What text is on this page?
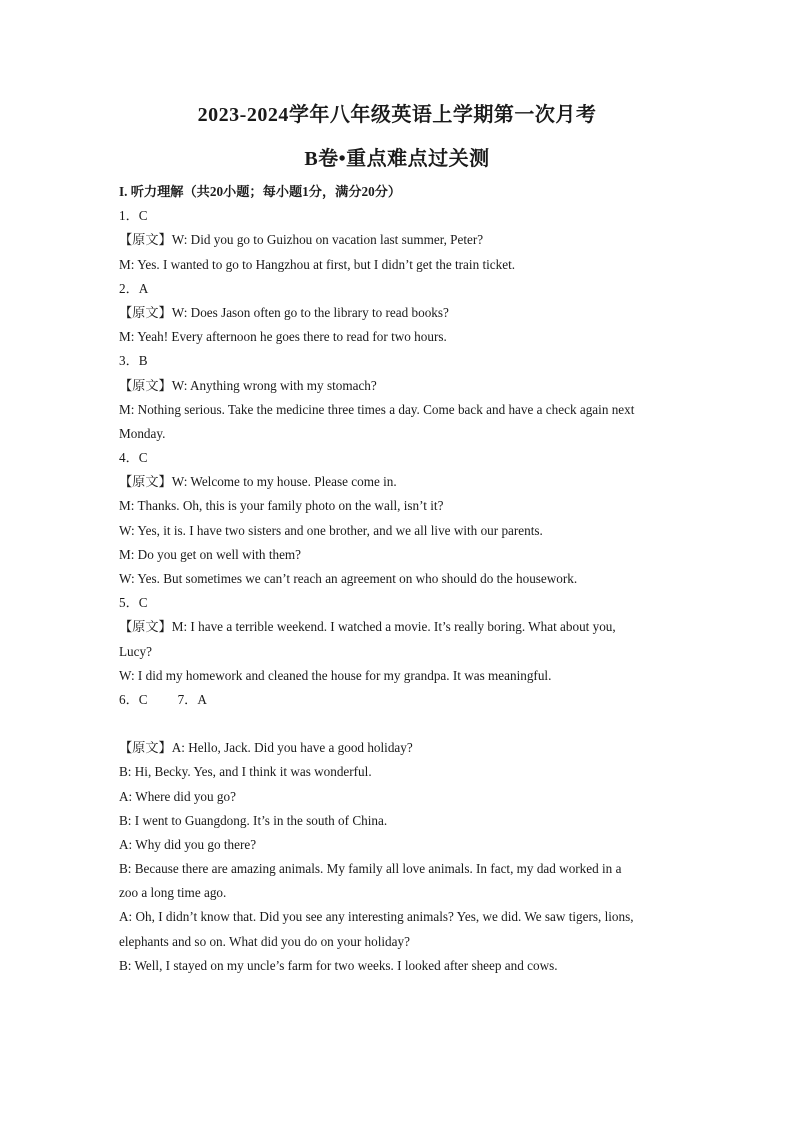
2023-2024学年八年级英语上学期第一次月考
B卷•重点难点过关测
I. 听力理解（共20小题；每小题1分，满分20分）
1．C
【原文】W: Did you go to Guizhou on vacation last summer, Peter?
M: Yes. I wanted to go to Hangzhou at first, but I didn’t get the train ticket.
2．A
【原文】W: Does Jason often go to the library to read books?
M: Yeah! Every afternoon he goes there to read for two hours.
3．B
【原文】W: Anything wrong with my stomach?
M: Nothing serious. Take the medicine three times a day. Come back and have a check again next
Monday.
4．C
【原文】W: Welcome to my house. Please come in.
M: Thanks. Oh, this is your family photo on the wall, isn’t it?
W: Yes, it is. I have two sisters and one brother, and we all live with our parents.
M: Do you get on well with them?
W: Yes. But sometimes we can’t reach an agreement on who should do the housework.
5．C
【原文】M: I have a terrible weekend. I watched a movie. It’s really boring. What about you,
Lucy?
W: I did my homework and cleaned the house for my grandpa. It was meaningful.
6．C 7．A
【原文】A: Hello, Jack. Did you have a good holiday?
B: Hi, Becky. Yes, and I think it was wonderful.
A: Where did you go?
B: I went to Guangdong. It’s in the south of China.
A: Why did you go there?
B: Because there are amazing animals. My family all love animals. In fact, my dad worked in a
zoo a long time ago.
A: Oh, I didn’t know that. Did you see any interesting animals? Yes, we did. We saw tigers, lions,
elephants and so on. What did you do on your holiday?
B: Well, I stayed on my uncle’s farm for two weeks. I looked after sheep and cows.
